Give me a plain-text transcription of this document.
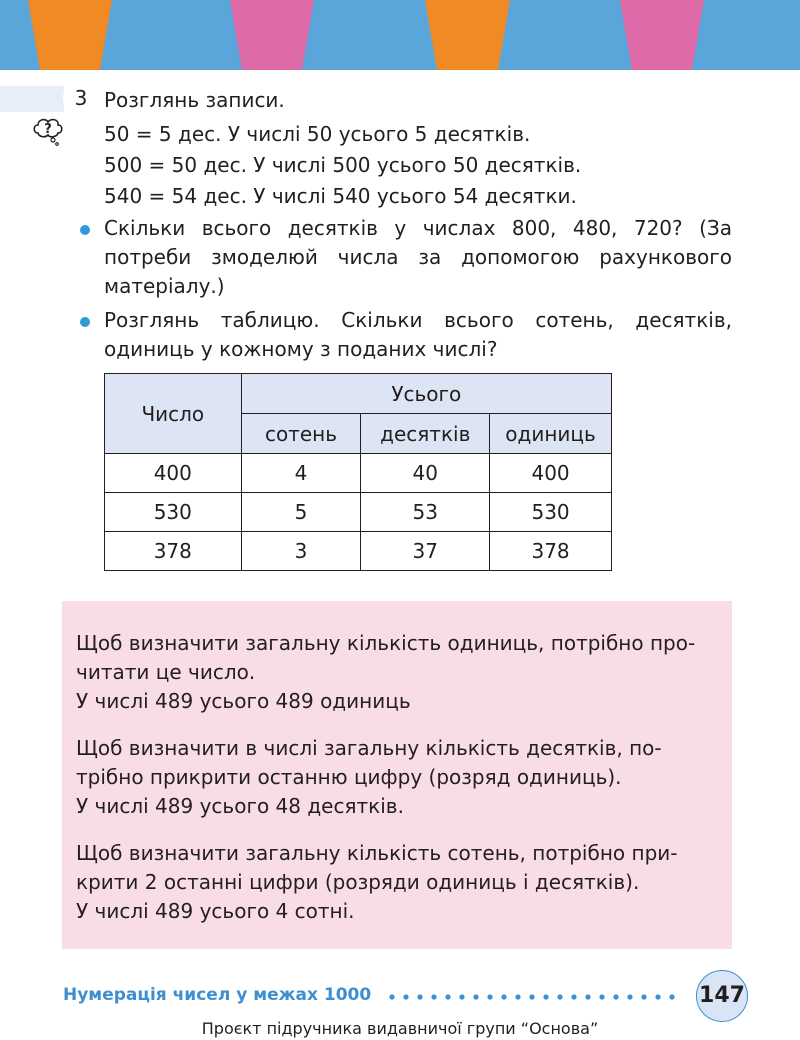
3 Розглянь записи.
?	50 = 5 дес. У числі 50 усього 5 десятків.
500 = 50 дес. У числі 500 усього 50 десятків.
540 = 54 дес. У числі 540 усього 54 десятки.
Скільки всього десятків у числах 800, 480, 720? (За потреби змоделюй числа за допомогою рахункового матеріалу.)
Розглянь таблицю. Скільки всього сотень, десятків, одиниць у кожному з поданих числі?
Число	Усього		
	сотень	десятків	одиниць
400	4	40	400
530	5	53	530
378	3	37	378
Щоб визначити загальну кількість одиниць, потрібно про-читати це число.
У числі 489 усього 489 одиниць
Щоб визначити в числі загальну кількість десятків, по-трібно прикрити останню цифру (розряд одиниць).
У числі 489 усього 48 десятків.
Щоб визначити загальну кількість сотень, потрібно при-крити 2 останні цифри (розряди одиниць і десятків).
У числі 489 усього 4 сотні.
Нумерація чисел у межах 1000	147
Проєкт підручника видавничої групи “Основа”
